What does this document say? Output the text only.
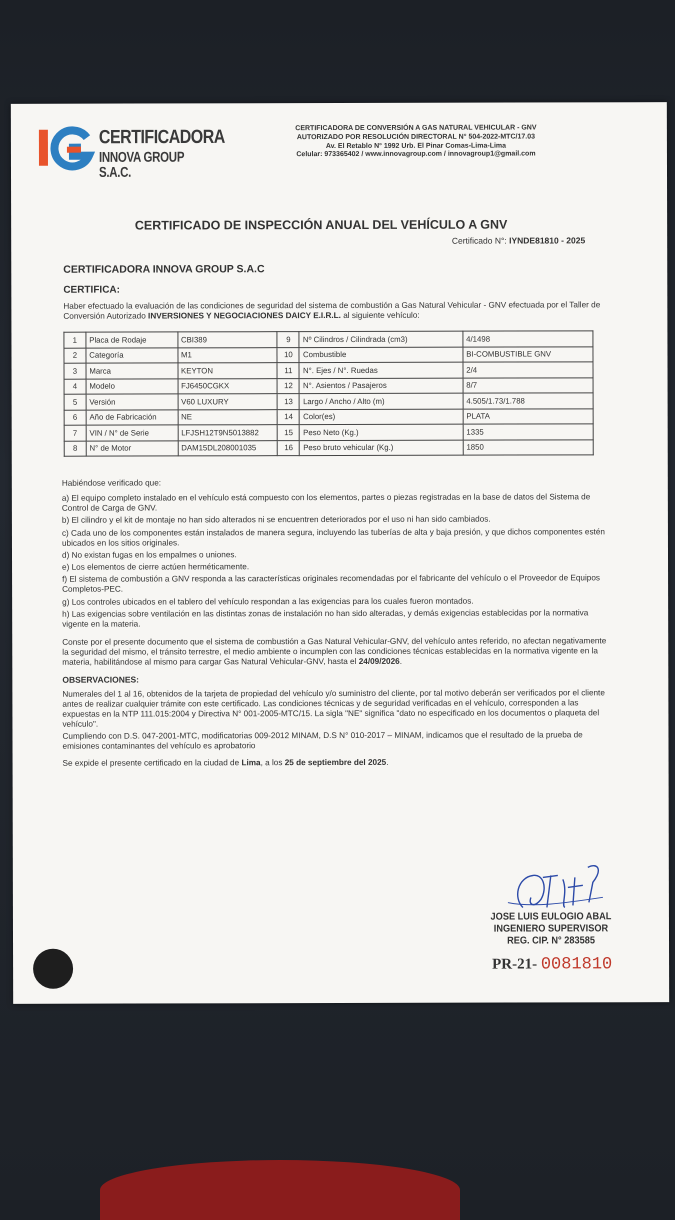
CERTIFICADORA
INNOVA GROUP S.A.C.
CERTIFICADORA DE CONVERSIÓN A GAS NATURAL VEHICULAR - GNV
AUTORIZADO POR RESOLUCIÓN DIRECTORAL N° 504-2022-MTC/17.03
Av. El Retablo N° 1992 Urb. El Pinar Comas-Lima-Lima
Celular: 973365402 / www.innovagroup.com / innovagroup1@gmail.com
CERTIFICADO DE INSPECCIÓN ANUAL DEL VEHÍCULO A GNV
Certificado N°: IYNDE81810 - 2025
CERTIFICADORA INNOVA GROUP S.A.C
CERTIFICA:
Haber efectuado la evaluación de las condiciones de seguridad del sistema de combustión a Gas Natural Vehicular - GNV efectuada por el Taller de Conversión Autorizado INVERSIONES Y NEGOCIACIONES DAICY E.I.R.L. al siguiente vehículo:
1	Placa de Rodaje	CBI389	9	Nº Cilindros / Cilindrada (cm3)	4/1498
2	Categoría	M1	10	Combustible	BI-COMBUSTIBLE GNV
3	Marca	KEYTON	11	N°. Ejes / N°. Ruedas	2/4
4	Modelo	FJ6450CGKX	12	N°. Asientos / Pasajeros	8/7
5	Versión	V60 LUXURY	13	Largo / Ancho / Alto (m)	4.505/1.73/1.788
6	Año de Fabricación	NE	14	Color(es)	PLATA
7	VIN / N° de Serie	LFJSH12T9N5013882	15	Peso Neto (Kg.)	1335
8	N° de Motor	DAM15DL208001035	16	Peso bruto vehicular (Kg.)	1850

Habiéndose verificado que:

a) El equipo completo instalado en el vehículo está compuesto con los elementos, partes o piezas registradas en la base de datos del Sistema de Control de Carga de GNV.

b) El cilindro y el kit de montaje no han sido alterados ni se encuentren deteriorados por el uso ni han sido cambiados.

c) Cada uno de los componentes están instalados de manera segura, incluyendo las tuberías de alta y baja presión, y que dichos componentes estén ubicados en los sitios originales.

d) No existan fugas en los empalmes o uniones.

e) Los elementos de cierre actúen herméticamente.

f) El sistema de combustión a GNV responda a las características originales recomendadas por el fabricante del vehículo o el Proveedor de Equipos Completos-PEC.

g) Los controles ubicados en el tablero del vehículo respondan a las exigencias para los cuales fueron montados.

h) Las exigencias sobre ventilación en las distintas zonas de instalación no han sido alteradas, y demás exigencias establecidas por la normativa vigente en la materia.

Conste por el presente documento que el sistema de combustión a Gas Natural Vehicular-GNV, del vehículo antes referido, no afectan negativamente la seguridad del mismo, el tránsito terrestre, el medio ambiente o incumplen con las condiciones técnicas establecidas en la normativa vigente en la materia, habilitándose al mismo para cargar Gas Natural Vehicular-GNV, hasta el 24/09/2026.

OBSERVACIONES:

Numerales del 1 al 16, obtenidos de la tarjeta de propiedad del vehículo y/o suministro del cliente, por tal motivo deberán ser verificados por el cliente antes de realizar cualquier trámite con este certificado. Las condiciones técnicas y de seguridad verificadas en el vehículo, corresponden a las expuestas en la NTP 111.015:2004 y Directiva N° 001-2005-MTC/15. La sigla "NE" significa "dato no especificado en los documentos o plaqueta del vehículo".

Cumpliendo con D.S. 047-2001-MTC, modificatorias 009-2012 MINAM, D.S N° 010-2017 – MINAM, indicamos que el resultado de la prueba de emisiones contaminantes del vehículo es aprobatorio

Se expide el presente certificado en la ciudad de Lima, a los 25 de septiembre del 2025.

JOSE LUIS EULOGIO ABAL
INGENIERO SUPERVISOR
REG. CIP. N° 283585
PR-21- 0081810
